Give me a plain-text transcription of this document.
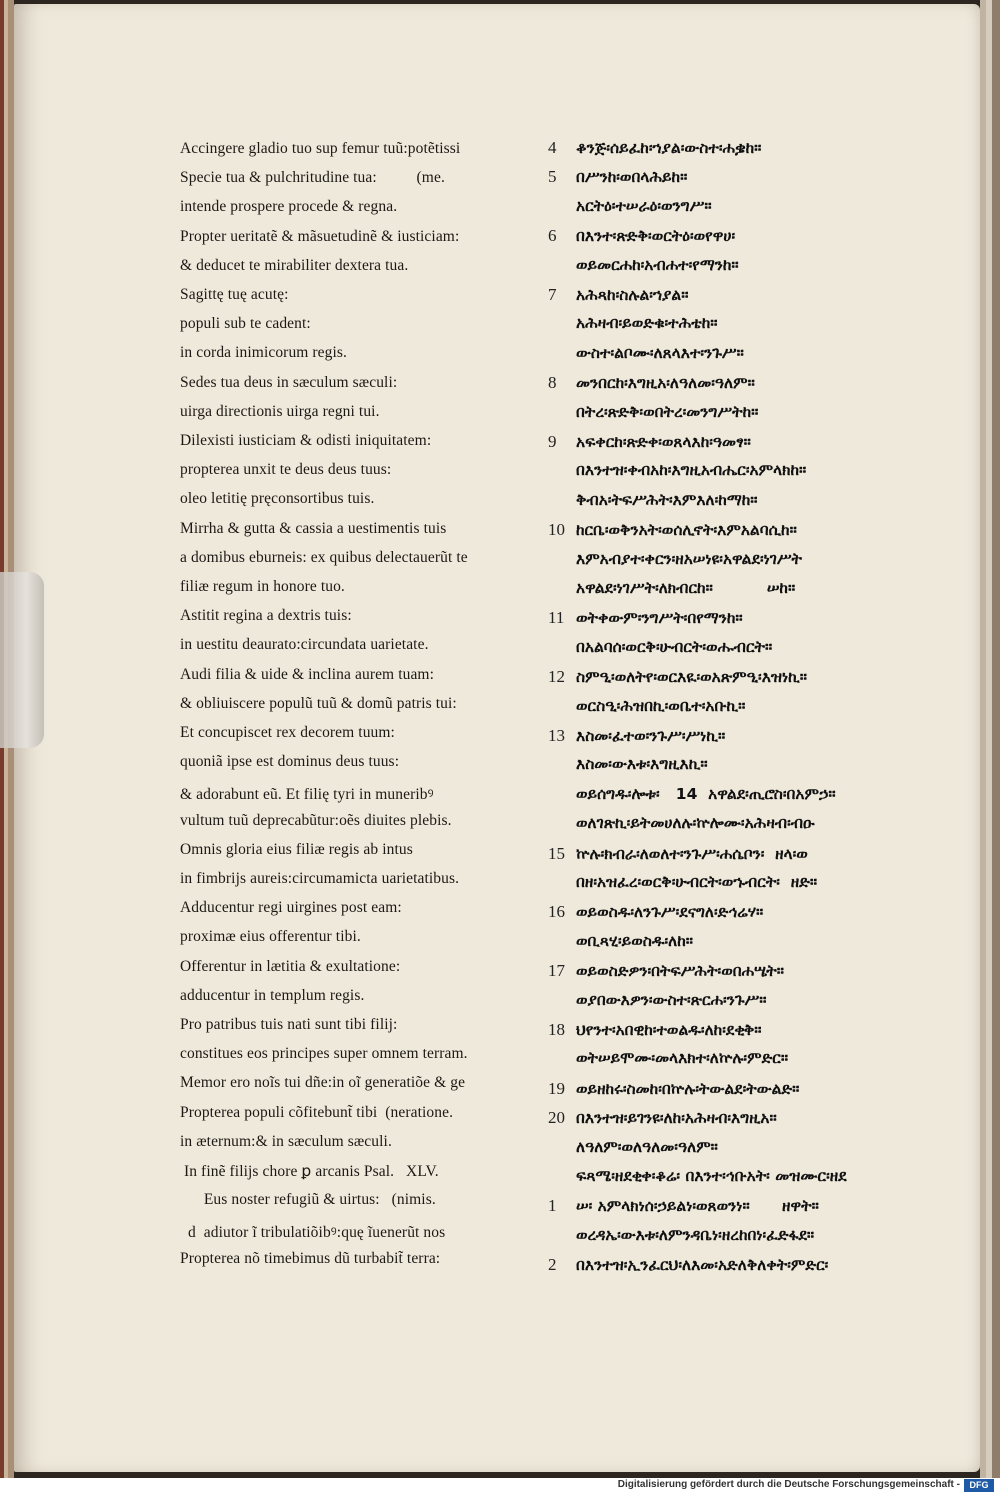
Accingere gladio tuo sup femur tuũ:potẽtissi
Specie tua & pulchritudine tua:          (me.
intende prospere procede & regna.
Propter ueritatẽ & mãsuetudinẽ & iusticiam:
& deducet te mirabiliter dextera tua.
Sagittę tuę acutę:
populi sub te cadent:
in corda inimicorum regis.
Sedes tua deus in sæculum sæculi:
uirga directionis uirga regni tui.
Dilexisti iusticiam & odisti iniquitatem:
propterea unxit te deus deus tuus:
oleo letitię pręconsortibus tuis.
Mirrha & gutta & cassia a uestimentis tuis
a domibus eburneis: ex quibus delectauerũt te
filiæ regum in honore tuo.
Astitit regina a dextris tuis:
in uestitu deaurato:circundata uarietate.
Audi filia & uide & inclina aurem tuam:
& obliuiscere populũ tuũ & domũ patris tui:
Et concupiscet rex decorem tuum:
quoniã ipse est dominus deus tuus:
& adorabunt eũ. Et filię tyri in muneribꝰ
vultum tuũ deprecabũtur:oẽs diuites plebis.
Omnis gloria eius filiæ regis ab intus
in fimbrijs aureis:circumamicta uarietatibus.
Adducentur regi uirgines post eam:
proximæ eius offerentur tibi.
Offerentur in lætitia & exultatione:
adducentur in templum regis.
Pro patribus tuis nati sunt tibi filij:
constitues eos principes super omnem terram.
Memor ero noĩs tui dñe:in oĩ generatiõe & ge
Propterea populi cõfitebunt̃ tibi  (neratione.
in æternum:& in sæculum sæculi.
In finẽ filijs chore ꝑ arcanis Psal.   XLV.
Eus noster refugiũ & uirtus:   (nimis.
d  adiutor ĩ tribulatiõibꝰ:quę ĩuenerũt nos
Propterea nõ timebimus dũ turbabit̃ terra:
4 ቆንጅ፡ሰይፈከ፡ኀያል፡ውስተ፡ሐቌከ።
5 በሥንከ፡ወበላሕይከ።
አርትዕ፡ተሠራዕ፡ወንግሥ።
6 በእንተ፡ጽድቅ፡ወርትዕ፡ወየዋሀ፡
ወይመርሐከ፡አብሐተ፡የማንከ።
7 አሕጻከ፡ስሉል፡ኀያል።
አሕዛብ፡ይወድቁ፡ተሕቴከ።
ውስተ፡ልቦሙ፡ለጸላእተ፡ንጉሥ።
8 መንበርከ፡እግዚአ፡ለዓለመ፡ዓለም።
በትረ፡ጽድቅ፡ወበትረ፡መንግሥትከ።
9 አፍቀርከ፡ጽድቀ፡ወጸላእከ፡ዓመፃ።
በእንተዝ፡ቀብአከ፡እግዚአብሔር፡አምላክከ።
ቅብአ፡ትፍሥሕት፡እምእለ፡ከማከ።
10 ከርቤ፡ወቅንአት፡ወሰሊኖት፡እምአልባሲከ።
እምአብያተ፡ቀርን፡ዘአሠነዩ፡አዋልደ፡ነገሥት
አዋልደ፡ነገሥት፡ለክብርከ።          ሠከ።
11 ወትቀውም፡ንግሥት፡በየማንከ።
በአልባሰ፡ወርቅ፡ሁብርት፡ወሑብርት።
12 ስምዒ፡ወለትየ፡ወርእዪ፡ወአጽምዒ፡እዝነኪ።
ወርስዒ፡ሕዝበኪ፡ወቤተ፡አቡኪ።
13 እስመ፡ፈተወ፡ንጉሥ፡ሥነኪ።
እስመ፡ውእቱ፡እግዚእኪ።
ወይሰግዱ፡ሎቱ፡   14  አዋልደ፡ጢሮስ፡በአምኃ።
ወለገጽኪ፡ይትመሀለሉ፡ኵሎሙ፡አሕዛብ፡ብዑ
15 ኵሉ፡ክብራ፡ለወለተ፡ንጉሥ፡ሐሴቦን፡  ዘላ፡ወ
በዘ፡አዝፈረ፡ወርቅ፡ሁብርት፡ወኁብርት፡  ዘድ።
16 ወይወስዱ፡ለንጉሥ፡ደናግለ፡ድኅሬሃ።
ወቢጻሂ፡ይወስዱ፡ለከ።
17 ወይወስድዎን፡በትፍሥሕት፡ወበሐሤት።
ወያበውእዎን፡ውስተ፡ጽርሐ፡ንጉሥ።
18 ህየንተ፡አበዊከ፡ተወልዱ፡ለከ፡ደቂቅ።
ወትሠይሞሙ፡መላእክተ፡ለኵሉ፡ምድር።
19 ወይዘከሩ፡ስመከ፡በኵሉ፡ትውልደ፡ትውልድ።
20 በእንተዝ፡ይገንዩ፡ለከ፡አሕዛብ፡እግዚአ።
ለዓለም፡ወለዓለመ፡ዓለም።
ፍጻሜ፡ዘደቂቀ፡ቆሬ፡ በእንተ፡ኅቡአት፡ መዝሙር፡ዘደ
1 ሠ፡ አምላክነሰ፡ኃይልነ፡ወጸወንነ።      ዘዋት።
ወረዳኤ፡ውእቱ፡ለምንዳቤነ፡ዘረከበነ፡ፈድፋደ።
2 በእንተዝ፡ኢንፈርህ፡ለእመ፡አድለቅለቀት፡ምድር፡
Digitalisierung gefördert durch die Deutsche Forschungsgemeinschaft -	DFG
